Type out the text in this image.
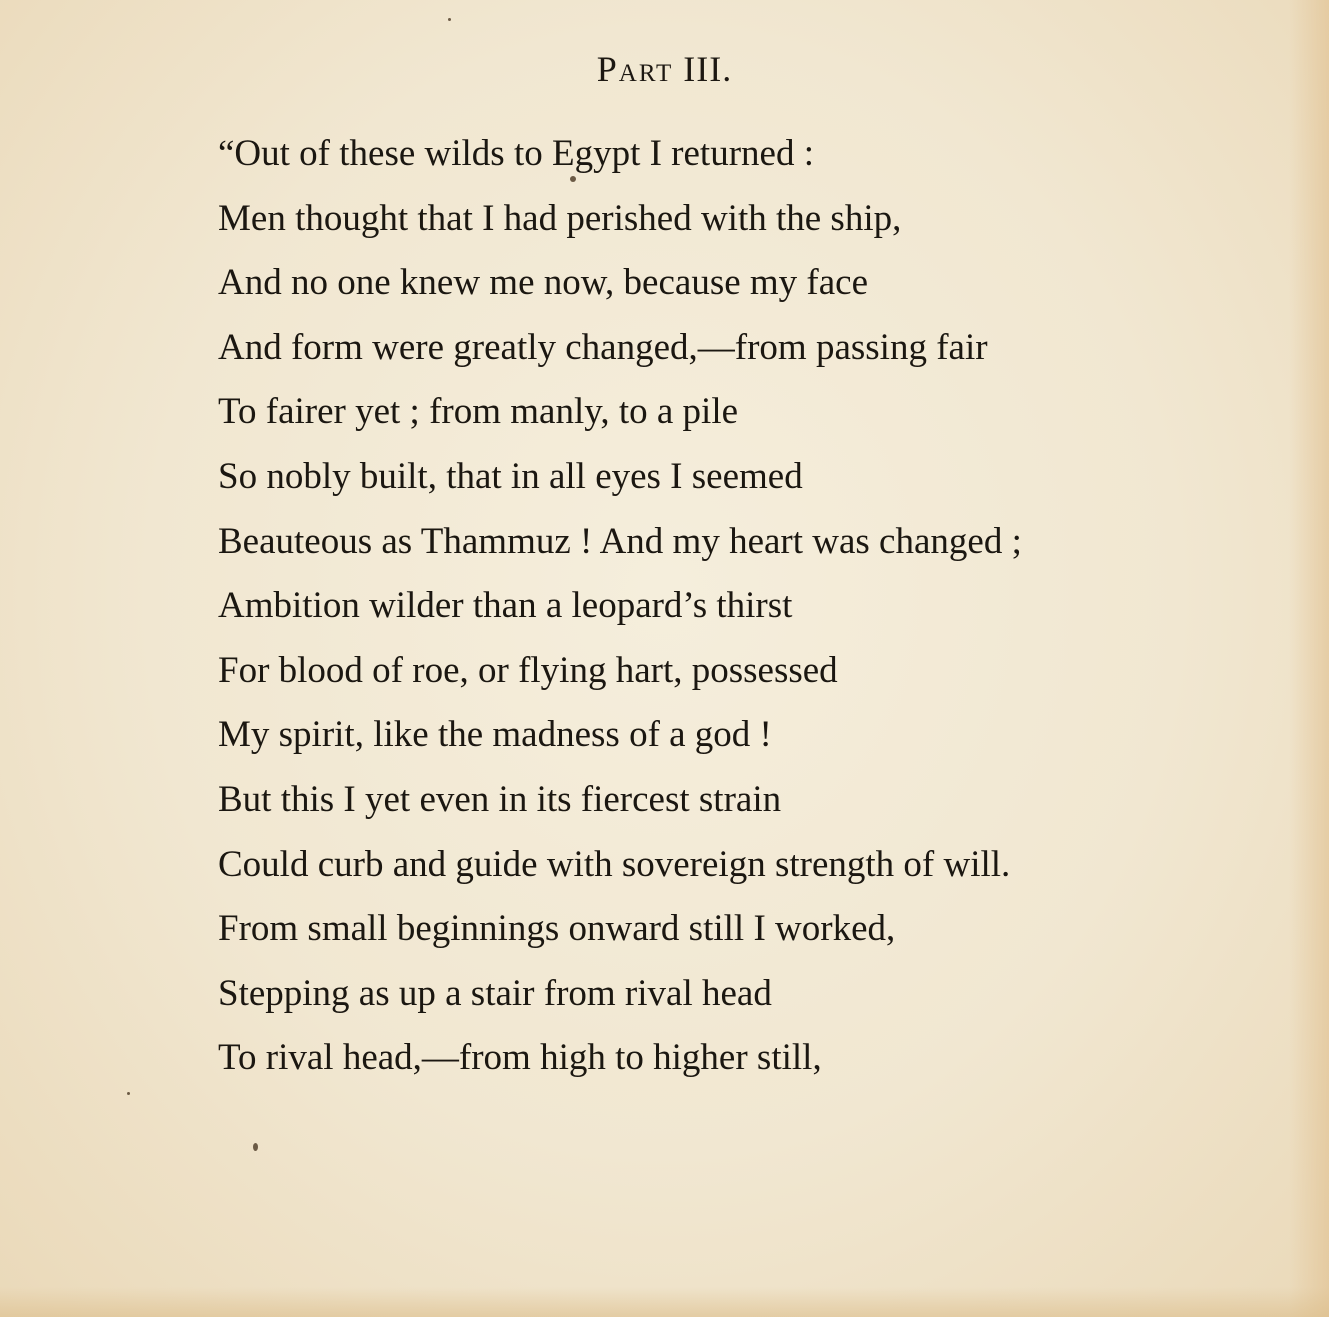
Part III.
“Out of these wilds to Egypt I returned :
Men thought that I had perished with the ship,
And no one knew me now, because my face
And form were greatly changed,—from passing fair
To fairer yet ; from manly, to a pile
So nobly built, that in all eyes I seemed
Beauteous as Thammuz ! And my heart was changed ;
Ambition wilder than a leopard’s thirst
For blood of roe, or flying hart, possessed
My spirit, like the madness of a god !
But this I yet even in its fiercest strain
Could curb and guide with sovereign strength of will.
From small beginnings onward still I worked,
Stepping as up a stair from rival head
To rival head,—from high to higher still,
